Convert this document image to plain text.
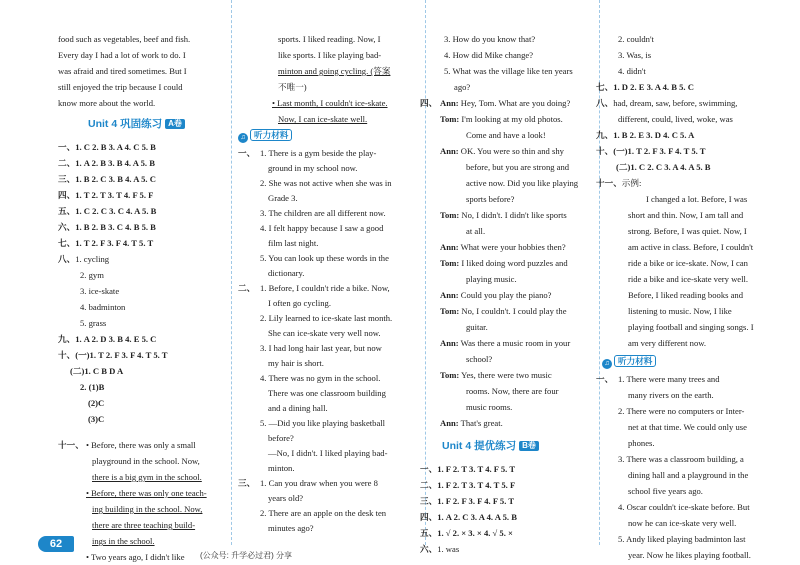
food such as vegetables, beef and fish.
Every day I had a lot of work to do. I
was afraid and tired sometimes. But I
still enjoyed the trip because I could
know more about the world.
Unit 4 巩固练习 A卷
一、1. C 2. B 3. A 4. C 5. B
二、1. A 2. B 3. B 4. A 5. B
三、1. B 2. C 3. B 4. A 5. C
四、1. T 2. T 3. T 4. F 5. F
五、1. C 2. C 3. C 4. A 5. B
六、1. B 2. B 3. C 4. B 5. B
七、1. T 2. F 3. F 4. T 5. T
八、1. cycling
2. gym
3. ice-skate
4. badminton
5. grass
九、1. A 2. D 3. B 4. E 5. C
十、(一)1. T 2. F 3. F 4. T 5. T
(二)1. C B D A
2. (1)B
(2)C
(3)C
十一、 • Before, there was only a small
playground in the school. Now,
there is a big gym in the school.
• Before, there was only one teach-
ing building in the school. Now,
there are three teaching build-
ings in the school.
• Two years ago, I didn't like
sports. I liked reading. Now, I
like sports. I like playing bad-
minton and going cycling. (答案
不唯一)
• Last month, I couldn't ice-skate.
Now, I can ice-skate well.
♫ 听力材料
一、 1. There is a gym beside the play-
ground in my school now.
2. She was not active when she was in
Grade 3.
3. The children are all different now.
4. I felt happy because I saw a good
film last night.
5. You can look up these words in the
dictionary.
二、 1. Before, I couldn't ride a bike. Now,
I often go cycling.
2. Lily learned to ice-skate last month.
She can ice-skate very well now.
3. I had long hair last year, but now
my hair is short.
4. There was no gym in the school.
There was one classroom building
and a dining hall.
5. —Did you like playing basketball
before?
—No, I didn't. I liked playing bad-
minton.
三、 1. Can you draw when you were 8
years old?
2. There are an apple on the desk ten
minutes ago?
3. How do you know that?
4. How did Mike change?
5. What was the village like ten years
ago?
四、 Ann: Hey, Tom. What are you doing?
Tom: I'm looking at my old photos.
Come and have a look!
Ann: OK. You were so thin and shy
before, but you are strong and
active now. Did you like playing
sports before?
Tom: No, I didn't. I didn't like sports
at all.
Ann: What were your hobbies then?
Tom: I liked doing word puzzles and
playing music.
Ann: Could you play the piano?
Tom: No, I couldn't. I could play the
guitar.
Ann: Was there a music room in your
school?
Tom: Yes, there were two music
rooms. Now, there are four
music rooms.
Ann: That's great.
Unit 4 提优练习 B卷
一、1. F 2. T 3. T 4. F 5. T
二、1. F 2. T 3. T 4. T 5. F
三、1. F 2. F 3. F 4. F 5. T
四、1. A 2. C 3. A 4. A 5. B
五、1. √ 2. × 3. × 4. √ 5. ×
六、1. was
2. couldn't
3. Was, is
4. didn't
七、1. D 2. E 3. A 4. B 5. C
八、had, dream, saw, before, swimming,
different, could, lived, woke, was
九、1. B 2. E 3. D 4. C 5. A
十、(一)1. T 2. F 3. F 4. T 5. T
(二)1. C 2. C 3. A 4. A 5. B
十一、示例:
I changed a lot. Before, I was
short and thin. Now, I am tall and
strong. Before, I was quiet. Now, I
am active in class. Before, I couldn't
ride a bike or ice-skate. Now, I can
ride a bike and ice-skate very well.
Before, I liked reading books and
listening to music. Now, I like
playing football and singing songs. I
am very different now.
♫ 听力材料
一、 1. There were many trees and
many rivers on the earth.
2. There were no computers or Inter-
net at that time. We could only use
phones.
3. There was a classroom building, a
dining hall and a playground in the
school five years ago.
4. Oscar couldn't ice-skate before. But
now he can ice-skate very well.
5. Andy liked playing badminton last
year. Now he likes playing football.
62
(公众号: 升学必过君) 分享
